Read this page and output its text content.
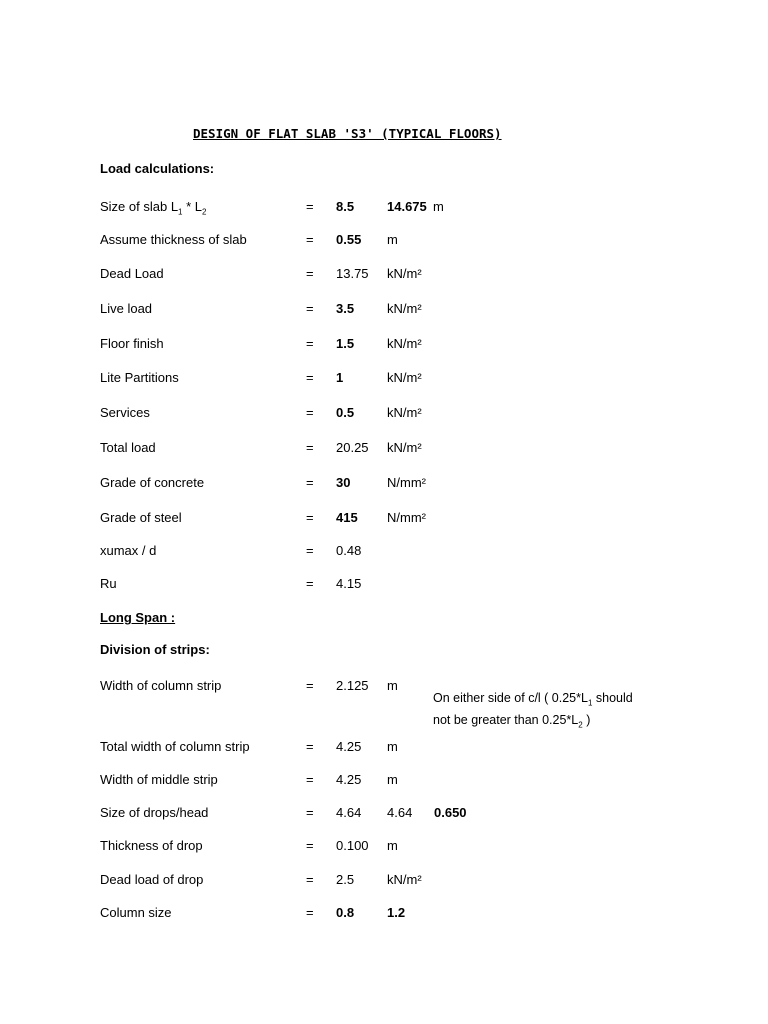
DESIGN OF FLAT SLAB 'S3' (TYPICAL FLOORS)
Load calculations:
Size of slab $L_1 * L_2$	= 8.5	14.675 m
Assume thickness of slab	= 0.55 m
Dead Load	= 13.75 kN/m²
Live load	= 3.5	kN/m²
Floor finish	= 1.5	kN/m²
Lite Partitions	= 1	kN/m²
Services	= 0.5	kN/m²
Total load	= 20.25 kN/m²
Grade of concrete	= 30	N/mm²
Grade of steel	= 415 N/mm²
xumax / d	= 0.48
Ru	= 4.15
Long Span :
Division of strips:
Width of column strip	= 2.125 m
On either side of c/l ( $0.25*L_1$ should
not be greater than $0.25*L_2$ )
Total width of column strip	= 4.25 m
Width of middle strip	= 4.25 m
Size of drops/head	= 4.64 4.64 0.650
Thickness of drop	= 0.100 m
Dead load of drop	= 2.5	kN/m²
Column size	= 0.8	1.2
